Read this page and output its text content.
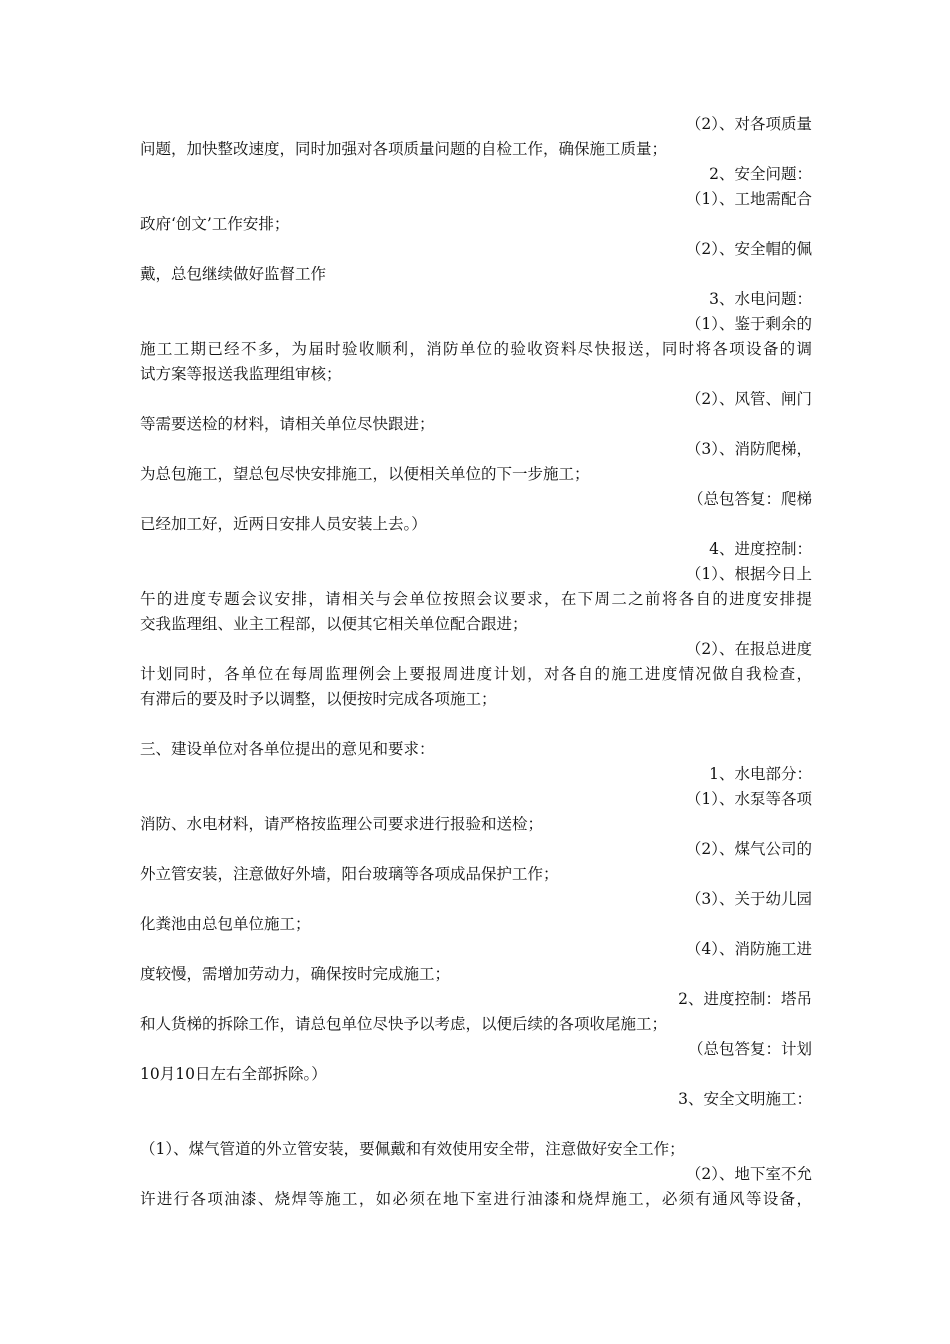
（2）、对各项质量
问题，加快整改速度，同时加强对各项质量问题的自检工作，确保施工质量；
2、安全问题：
（1）、工地需配合
政府‘创文’工作安排；
（2）、安全帽的佩
戴，总包继续做好监督工作
3、水电问题：
（1）、鉴于剩余的
施工工期已经不多，为届时验收顺利，消防单位的验收资料尽快报送，同时将各项设备的调
试方案等报送我监理组审核；
（2）、风管、闸门
等需要送检的材料，请相关单位尽快跟进；
（3）、消防爬梯，
为总包施工，望总包尽快安排施工，以便相关单位的下一步施工；
（总包答复：爬梯
已经加工好，近两日安排人员安装上去。）
4、进度控制：
（1）、根据今日上
午的进度专题会议安排，请相关与会单位按照会议要求，在下周二之前将各自的进度安排提
交我监理组、业主工程部，以便其它相关单位配合跟进；
（2）、在报总进度
计划同时，各单位在每周监理例会上要报周进度计划，对各自的施工进度情况做自我检查，
有滞后的要及时予以调整，以便按时完成各项施工；
三、建设单位对各单位提出的意见和要求：
1、水电部分：
（1）、水泵等各项
消防、水电材料，请严格按监理公司要求进行报验和送检；
（2）、煤气公司的
外立管安装，注意做好外墙，阳台玻璃等各项成品保护工作；
（3）、关于幼儿园
化粪池由总包单位施工；
（4）、消防施工进
度较慢，需增加劳动力，确保按时完成施工；
2、进度控制：塔吊
和人货梯的拆除工作，请总包单位尽快予以考虑，以便后续的各项收尾施工；
（总包答复：计划
10月10日左右全部拆除。）
3、安全文明施工：
（1）、煤气管道的外立管安装，要佩戴和有效使用安全带，注意做好安全工作；
（2）、地下室不允
许进行各项油漆、烧焊等施工，如必须在地下室进行油漆和烧焊施工，必须有通风等设备，
